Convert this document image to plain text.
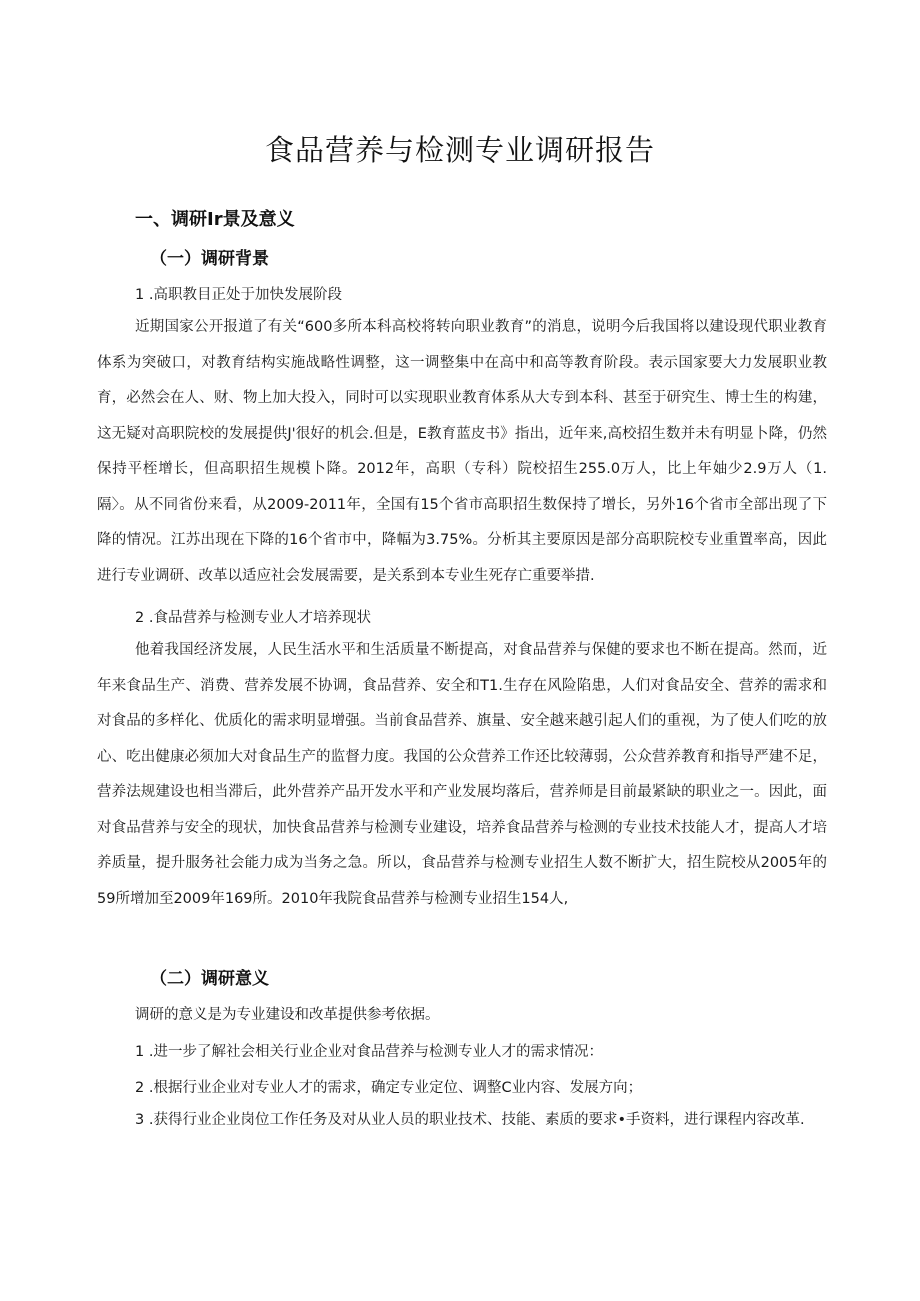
食品营养与检测专业调研报告
一、调研Ir景及意义
（一）调研背景
1 .高职教目正处于加快发展阶段
近期国家公开报道了有关“600多所本科高校将转向职业教育”的消息，说明今后我国将以建设现代职业教育体系为突破口，对教育结构实施战略性调整，这一调整集中在高中和高等教育阶段。表示国家要大力发展职业教育，必然会在人、财、物上加大投入，同时可以实现职业教育体系从大专到本科、甚至于研究生、博士生的构建，这无疑对高职院校的发展提供J'很好的机会.但是，E教育蓝皮书》指出，近年来,高校招生数并未有明显卜降，仍然保持平桎增长，但高职招生规模卜降。2012年，高职（专科）院校招生255.0万人，比上年妯少2.9万人（1.隔〉。从不同省份来看，从2009-2011年，全国有15个省市高职招生数保持了增长，另外16个省市全部出现了下降的情况。江苏出现在下降的16个省市中，降幅为3.75%。分析其主要原因是部分高职院校专业重置率高，因此进行专业调研、改革以适应社会发展需要，是关系到本专业生死存亡重要举措.
2 .食品营养与检测专业人才培养现状
他着我国经济发展，人民生活水平和生活质量不断提高，对食品营养与保健的要求也不断在提高。然而，近年来食品生产、消费、营养发展不协调，食品营养、安全和T1.生存在风险陷患，人们对食品安全、营养的需求和对食品的多样化、优质化的需求明显增强。当前食品营养、旗量、安全越来越引起人们的重视，为了使人们吃的放心、吃出健康必须加大对食品生产的监督力度。我国的公众营养工作还比较薄弱，公众营养教育和指导严建不足，营养法规建设也相当滞后，此外营养产品开发水平和产业发展均落后，营养师是目前最紧缺的职业之一。因此，面对食品营养与安全的现状，加快食品营养与检测专业建设，培养食品营养与检测的专业技术技能人才，提高人才培养质量，提升服务社会能力成为当务之急。所以，食品营养与检测专业招生人数不断扩大，招生院校从2005年的59所增加至2009年169所。2010年我院食品营养与检测专业招生154人,
（二）调研意义
调研的意义是为专业建设和改革提供参考依据。
1 .进一步了解社会相关行业企业对食品营养与检测专业人才的需求情况：
2 .根据行业企业对专业人才的需求，确定专业定位、调整C业内容、发展方向；
3 .获得行业企业岗位工作任务及对从业人员的职业技术、技能、素质的要求•手资料，进行课程内容改革.
